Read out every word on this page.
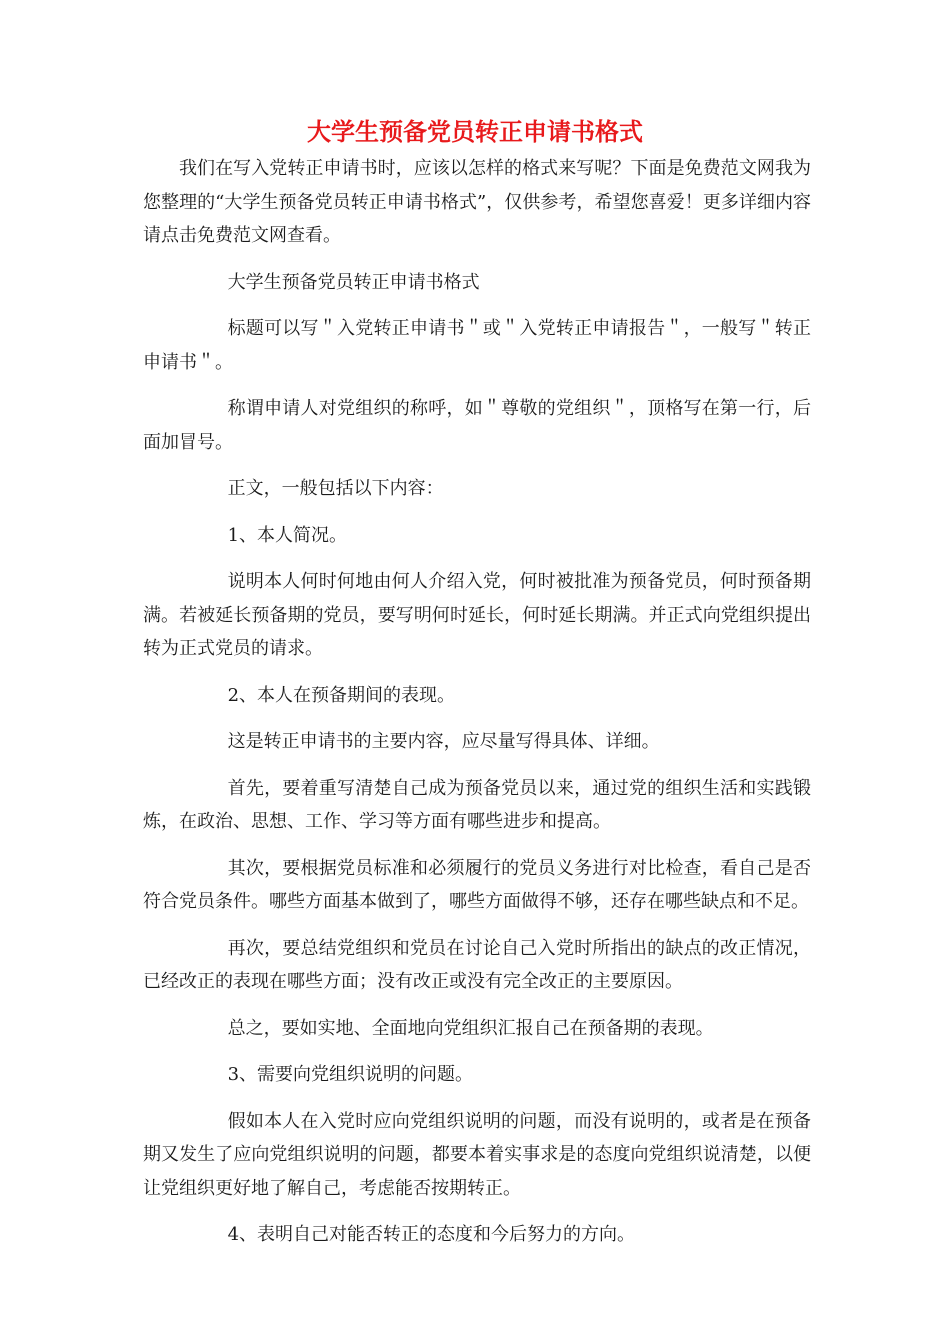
大学生预备党员转正申请书格式

我们在写入党转正申请书时，应该以怎样的格式来写呢？下面是免费范文网我为您整理的“大学生预备党员转正申请书格式”，仅供参考，希望您喜爱！更多详细内容请点击免费范文网查看。

大学生预备党员转正申请书格式

标题可以写＂入党转正申请书＂或＂入党转正申请报告＂，一般写＂转正申请书＂。

称谓申请人对党组织的称呼，如＂尊敬的党组织＂，顶格写在第一行，后面加冒号。

正文，一般包括以下内容：

1、本人简况。

说明本人何时何地由何人介绍入党，何时被批准为预备党员，何时预备期满。若被延长预备期的党员，要写明何时延长，何时延长期满。并正式向党组织提出转为正式党员的请求。

2、本人在预备期间的表现。

这是转正申请书的主要内容，应尽量写得具体、详细。

首先，要着重写清楚自己成为预备党员以来，通过党的组织生活和实践锻炼，在政治、思想、工作、学习等方面有哪些进步和提高。

其次，要根据党员标准和必须履行的党员义务进行对比检查，看自己是否符合党员条件。哪些方面基本做到了，哪些方面做得不够，还存在哪些缺点和不足。

再次，要总结党组织和党员在讨论自己入党时所指出的缺点的改正情况，已经改正的表现在哪些方面；没有改正或没有完全改正的主要原因。

总之，要如实地、全面地向党组织汇报自己在预备期的表现。

3、需要向党组织说明的问题。

假如本人在入党时应向党组织说明的问题，而没有说明的，或者是在预备期又发生了应向党组织说明的问题，都要本着实事求是的态度向党组织说清楚，以便让党组织更好地了解自己，考虑能否按期转正。

4、表明自己对能否转正的态度和今后努力的方向。
